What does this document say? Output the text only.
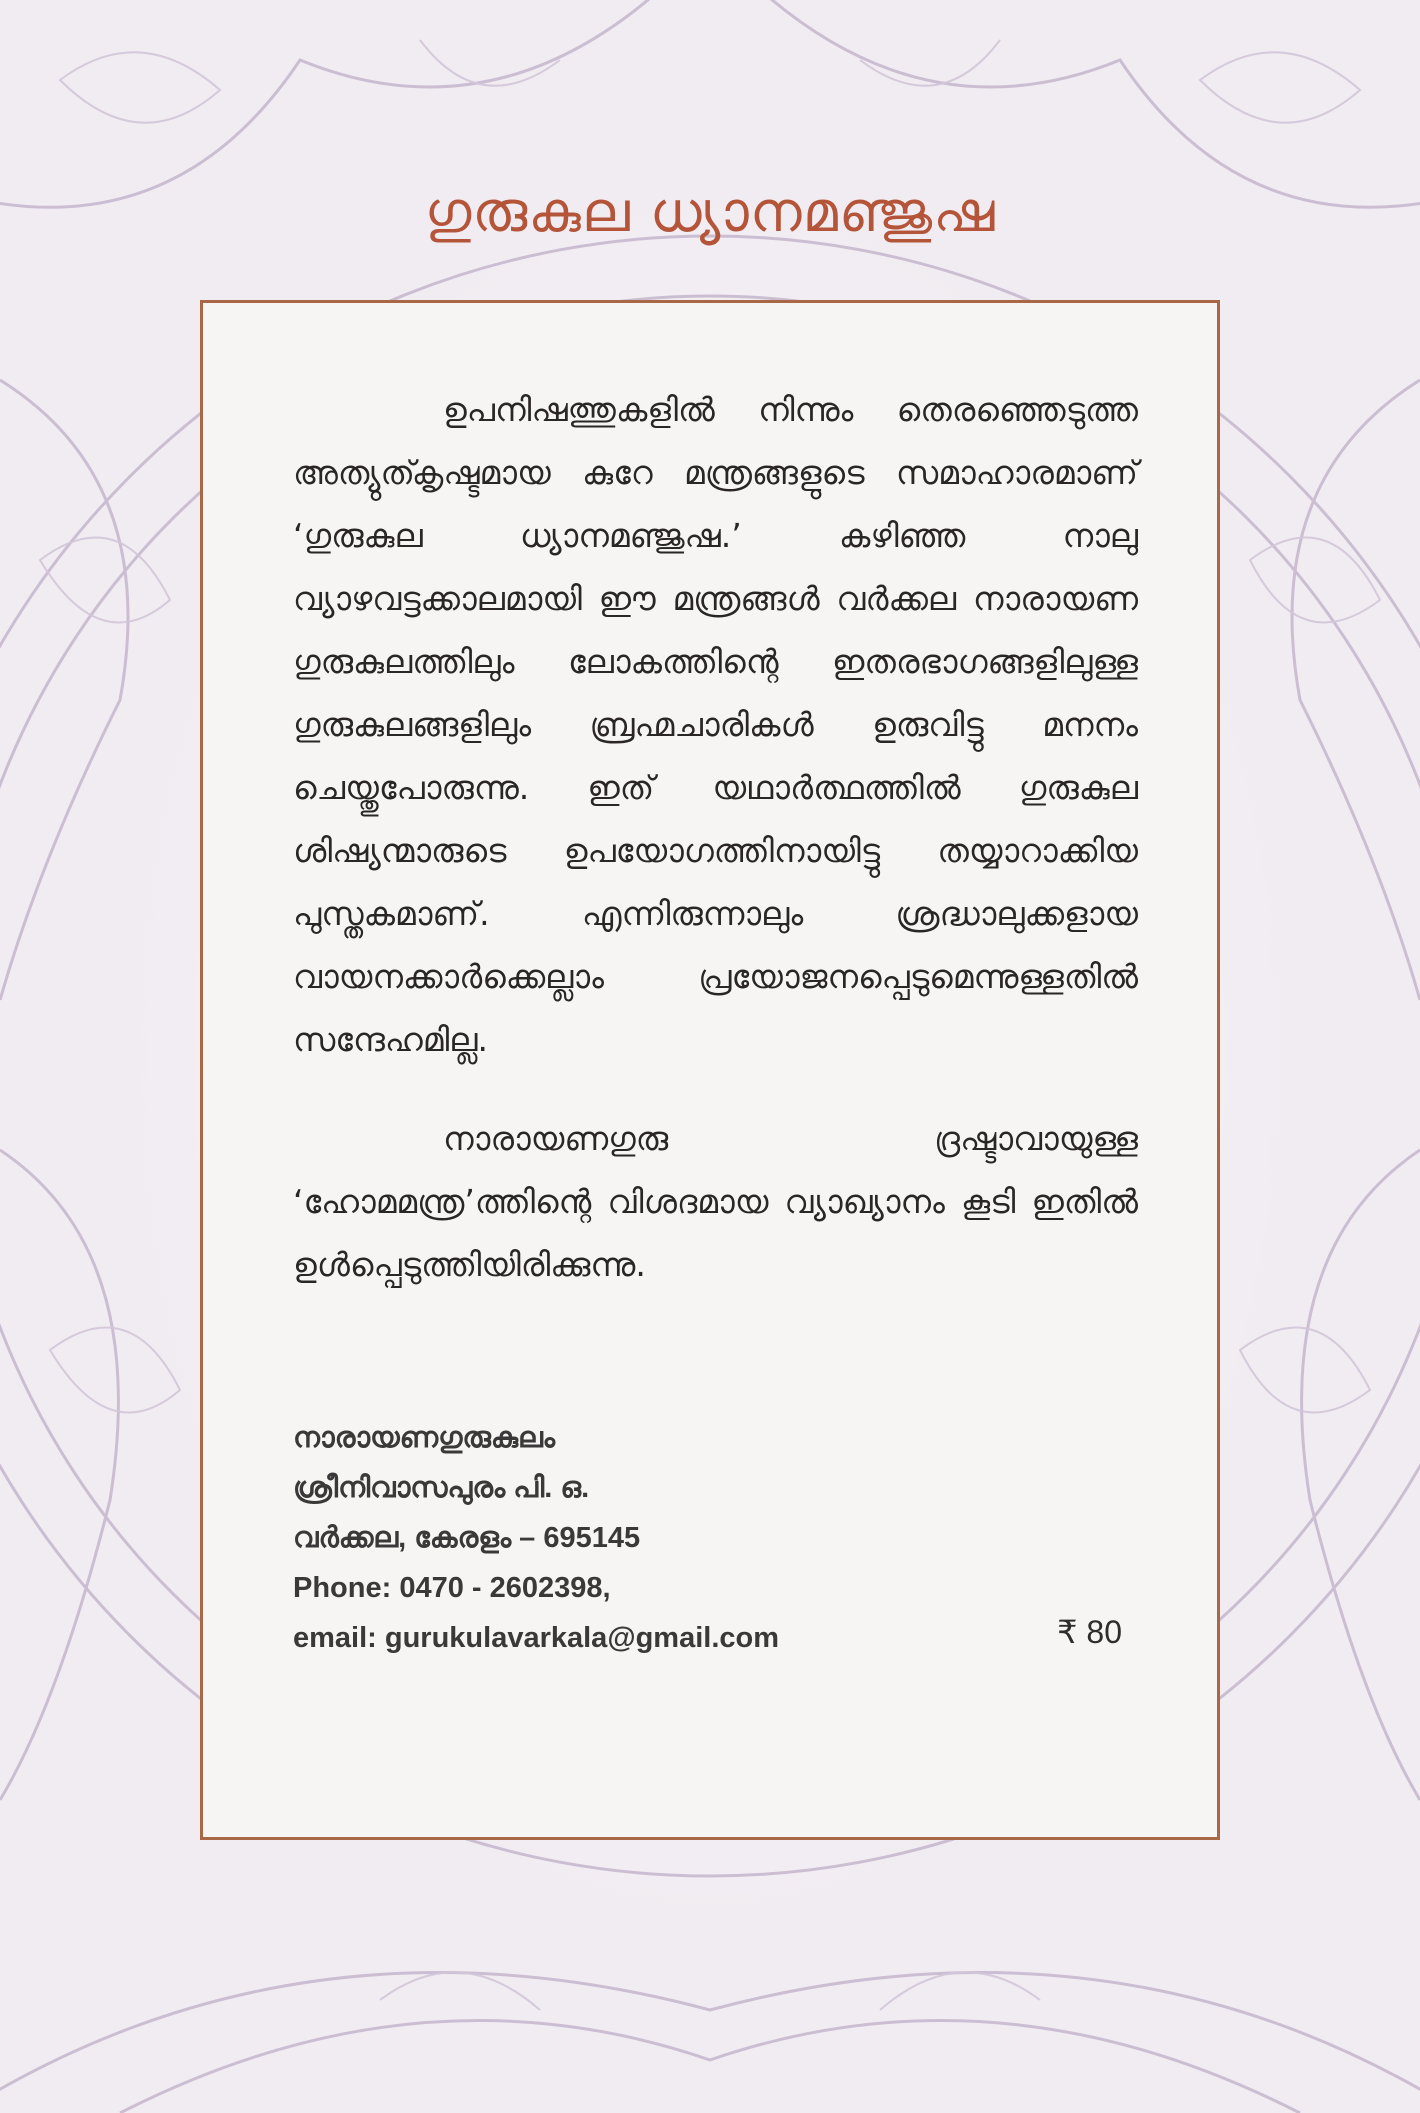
ഗുരുകുല ധ്യാനമഞ്ജുഷ

ഉപനിഷത്തുകളിൽ നിന്നും തെരഞ്ഞെടുത്ത അത്യുത്കൃഷ്ടമായ കുറേ മന്ത്രങ്ങളുടെ സമാഹാരമാണ് ‘ഗുരുകുല ധ്യാനമഞ്ജുഷ.’ കഴിഞ്ഞ നാലു വ്യാഴവട്ടക്കാലമായി ഈ മന്ത്രങ്ങൾ വർക്കല നാരായണ ഗുരുകുലത്തിലും ലോകത്തിന്റെ ഇതരഭാഗങ്ങളിലുള്ള ഗുരുകുലങ്ങളിലും ബ്രഹ്മചാരികൾ ഉരുവിട്ടു മനനം ചെയ്തുപോരുന്നു. ഇത് യഥാർത്ഥത്തിൽ ഗുരുകുല ശിഷ്യന്മാരുടെ ഉപയോഗത്തിനായിട്ടു തയ്യാറാക്കിയ പുസ്തകമാണ്. എന്നിരുന്നാലും ശ്രദ്ധാലുക്കളായ വായനക്കാർക്കെല്ലാം പ്രയോജനപ്പെടുമെന്നുള്ളതിൽ സന്ദേഹമില്ല.

നാരായണഗുരു ദ്രഷ്ടാവായുള്ള ‘ഹോമമന്ത്ര’ത്തിന്റെ വിശദമായ വ്യാഖ്യാനം കൂടി ഇതിൽ ഉൾപ്പെടുത്തിയിരിക്കുന്നു.

നാരായണഗുരുകുലം
ശ്രീനിവാസപുരം പി. ഒ.
വർക്കല, കേരളം – 695145
Phone: 0470 - 2602398,
email: gurukulavarkala@gmail.com	₹ 80
